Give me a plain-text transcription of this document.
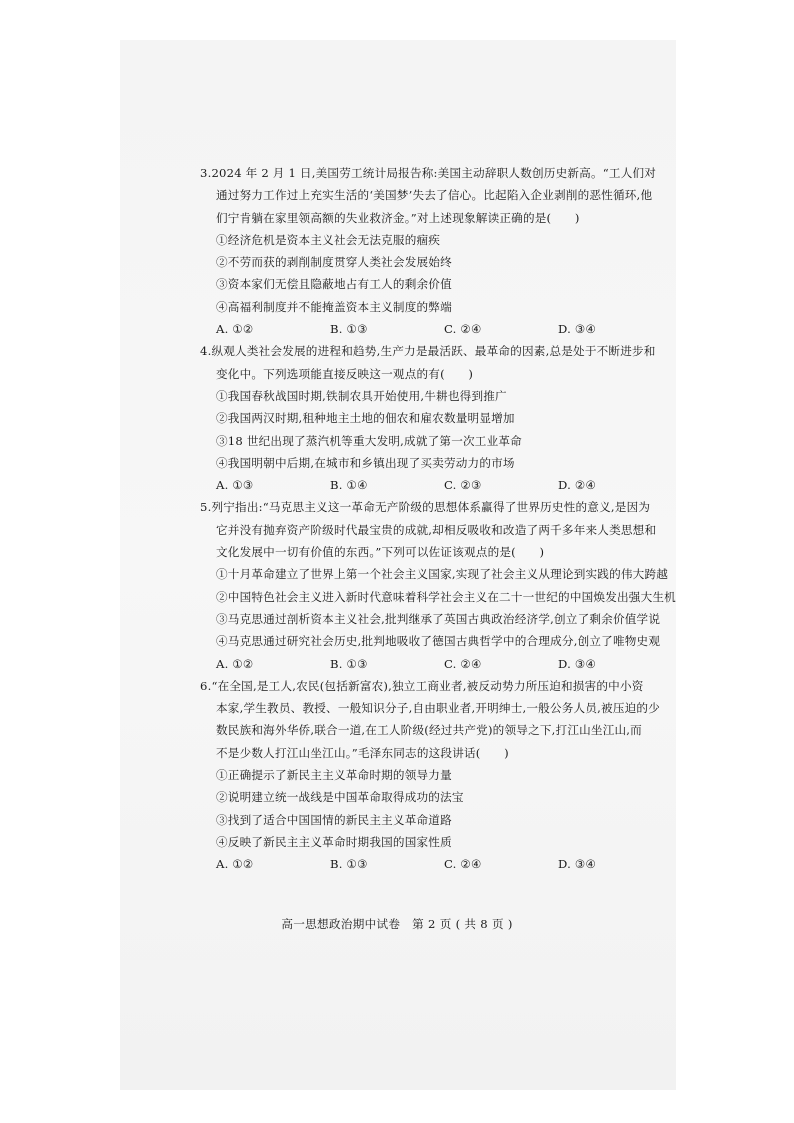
3.2024 年 2 月 1 日,美国劳工统计局报告称:美国主动辞职人数创历史新高。“工人们对
通过努力工作过上充实生活的‘美国梦’失去了信心。比起陷入企业剥削的恶性循环,他
们宁肯躺在家里领高额的失业救济金。”对上述现象解读正确的是(　　)
①经济危机是资本主义社会无法克服的痼疾
②不劳而获的剥削制度贯穿人类社会发展始终
③资本家们无偿且隐蔽地占有工人的剩余价值
④高福利制度并不能掩盖资本主义制度的弊端
A. ①②	B. ①③	C. ②④	D. ③④
4.纵观人类社会发展的进程和趋势,生产力是最活跃、最革命的因素,总是处于不断进步和
变化中。下列选项能直接反映这一观点的有(　　)
①我国春秋战国时期,铁制农具开始使用,牛耕也得到推广
②我国两汉时期,租种地主土地的佃农和雇农数量明显增加
③18 世纪出现了蒸汽机等重大发明,成就了第一次工业革命
④我国明朝中后期,在城市和乡镇出现了买卖劳动力的市场
A. ①③	B. ①④	C. ②③	D. ②④
5.列宁指出:“马克思主义这一革命无产阶级的思想体系赢得了世界历史性的意义,是因为
它并没有抛弃资产阶级时代最宝贵的成就,却相反吸收和改造了两千多年来人类思想和
文化发展中一切有价值的东西。”下列可以佐证该观点的是(　　)
①十月革命建立了世界上第一个社会主义国家,实现了社会主义从理论到实践的伟大跨越
②中国特色社会主义进入新时代意味着科学社会主义在二十一世纪的中国焕发出强大生机
③马克思通过剖析资本主义社会,批判继承了英国古典政治经济学,创立了剩余价值学说
④马克思通过研究社会历史,批判地吸收了德国古典哲学中的合理成分,创立了唯物史观
A. ①②	B. ①③	C. ②④	D. ③④
6.“在全国,是工人,农民(包括新富农),独立工商业者,被反动势力所压迫和损害的中小资
本家,学生教员、教授、一般知识分子,自由职业者,开明绅士,一般公务人员,被压迫的少
数民族和海外华侨,联合一道,在工人阶级(经过共产党)的领导之下,打江山坐江山,而
不是少数人打江山坐江山。”毛泽东同志的这段讲话(　　)
①正确提示了新民主主义革命时期的领导力量
②说明建立统一战线是中国革命取得成功的法宝
③找到了适合中国国情的新民主主义革命道路
④反映了新民主主义革命时期我国的国家性质
A. ①②	B. ①③	C. ②④	D. ③④
高一思想政治期中试卷　第 2 页 ( 共 8 页 )
